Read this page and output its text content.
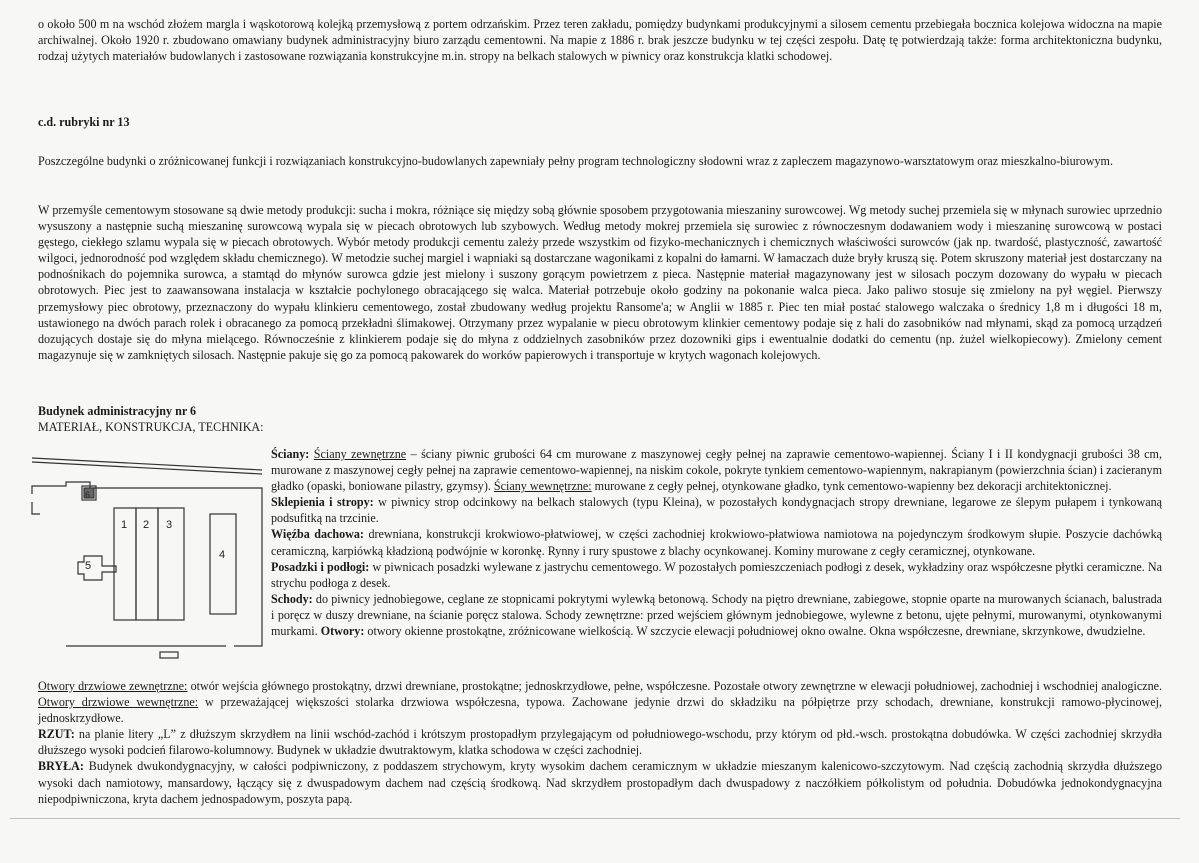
o około 500 m na wschód złożem margla i wąskotorową kolejką przemysłową z portem odrzańskim. Przez teren zakładu, pomiędzy budynkami produkcyjnymi a silosem cementu przebiegała bocznica kolejowa widoczna na mapie archiwalnej. Około 1920 r. zbudowano omawiany budynek administracyjny biuro zarządu cementowni. Na mapie z 1886 r. brak jeszcze budynku w tej części zespołu. Datę tę potwierdzają także: forma architektoniczna budynku, rodzaj użytych materiałów budowlanych i zastosowane rozwiązania konstrukcyjne m.in. stropy na belkach stalowych w piwnicy oraz konstrukcja klatki schodowej.

c.d. rubryki nr 13

Poszczególne budynki o zróżnicowanej funkcji i rozwiązaniach konstrukcyjno-budowlanych zapewniały pełny program technologiczny słodowni wraz z zapleczem magazynowo-warsztatowym oraz mieszkalno-biurowym.

W przemyśle cementowym stosowane są dwie metody produkcji: sucha i mokra, różniące się między sobą głównie sposobem przygotowania mieszaniny surowcowej. Wg metody suchej przemiela się w młynach surowiec uprzednio wysuszony a następnie suchą mieszaninę surowcową wypala się w piecach obrotowych lub szybowych. Według metody mokrej przemiela się surowiec z równoczesnym dodawaniem wody i mieszaninę surowcową w postaci gęstego, ciekłego szlamu wypala się w piecach obrotowych. Wybór metody produkcji cementu zależy przede wszystkim od fizyko-mechanicznych i chemicznych właściwości surowców (jak np. twardość, plastyczność, zawartość wilgoci, jednorodność pod względem składu chemicznego). W metodzie suchej margiel i wapniaki są dostarczane wagonikami z kopalni do łamarni. W łamaczach duże bryły kruszą się. Potem skruszony materiał jest dostarczany na podnośnikach do pojemnika surowca, a stamtąd do młynów surowca gdzie jest mielony i suszony gorącym powietrzem z pieca. Następnie materiał magazynowany jest w silosach poczym dozowany do wypału w piecach obrotowych. Piec jest to zaawansowana instalacja w kształcie pochylonego obracającego się walca. Materiał potrzebuje około godziny na pokonanie walca pieca. Jako paliwo stosuje się zmielony na pył węgiel. Pierwszy przemysłowy piec obrotowy, przeznaczony do wypału klinkieru cementowego, został zbudowany według projektu Ransome'a; w Anglii w 1885 r. Piec ten miał postać stalowego walczaka o średnicy 1,8 m i długości 18 m, ustawionego na dwóch parach rolek i obracanego za pomocą przekładni ślimakowej. Otrzymany przez wypalanie w piecu obrotowym klinkier cementowy podaje się z hali do zasobników nad młynami, skąd za pomocą urządzeń dozujących dostaje się do młyna mielącego. Równocześnie z klinkierem podaje się do młyna z oddzielnych zasobników przez dozowniki gips i ewentualnie dodatki do cementu (np. żużel wielkopiecowy). Zmielony cement magazynuje się w zamkniętych silosach. Następnie pakuje się go za pomocą pakowarek do worków papierowych i transportuje w krytych wagonach kolejowych.

Budynek administracyjny nr 6
MATERIAŁ, KONSTRUKCJA, TECHNIKA:
1 2 3
4
5
6

Ściany: Ściany zewnętrzne – ściany piwnic grubości 64 cm murowane z maszynowej cegły pełnej na zaprawie cementowo-wapiennej. Ściany I i II kondygnacji grubości 38 cm, murowane z maszynowej cegły pełnej na zaprawie cementowo-wapiennej, na niskim cokole, pokryte tynkiem cementowo-wapiennym, nakrapianym (powierzchnia ścian) i zacieranym gładko (opaski, boniowane pilastry, gzymsy). Ściany wewnętrzne: murowane z cegły pełnej, otynkowane gładko, tynk cementowo-wapienny bez dekoracji architektonicznej.

Sklepienia i stropy: w piwnicy strop odcinkowy na belkach stalowych (typu Kleina), w pozostałych kondygnacjach stropy drewniane, legarowe ze ślepym pułapem i tynkowaną podsufitką na trzcinie.

Więźba dachowa: drewniana, konstrukcji krokwiowo-płatwiowej, w części zachodniej krokwiowo-płatwiowa namiotowa na pojedynczym środkowym słupie. Poszycie dachówką ceramiczną, karpiówką kładzioną podwójnie w koronkę. Rynny i rury spustowe z blachy ocynkowanej. Kominy murowane z cegły ceramicznej, otynkowane.

Posadzki i podłogi: w piwnicach posadzki wylewane z jastrychu cementowego. W pozostałych pomieszczeniach podłogi z desek, wykładziny oraz współczesne płytki ceramiczne. Na strychu podłoga z desek.

Schody: do piwnicy jednobiegowe, ceglane ze stopnicami pokrytymi wylewką betonową. Schody na piętro drewniane, zabiegowe, stopnie oparte na murowanych ścianach, balustrada i poręcz w duszy drewniane, na ścianie poręcz stalowa. Schody zewnętrzne: przed wejściem głównym jednobiegowe, wylewne z betonu, ujęte pełnymi, murowanymi, otynkowanymi murkami. Otwory: otwory okienne prostokątne, zróżnicowane wielkością. W szczycie elewacji południowej okno owalne. Okna współczesne, drewniane, skrzynkowe, dwudzielne.

Otwory drzwiowe zewnętrzne: otwór wejścia głównego prostokątny, drzwi drewniane, prostokątne; jednoskrzydłowe, pełne, współczesne. Pozostałe otwory zewnętrzne w elewacji południowej, zachodniej i wschodniej analogiczne. Otwory drzwiowe wewnętrzne: w przeważającej większości stolarka drzwiowa współczesna, typowa. Zachowane jedynie drzwi do składziku na półpiętrze przy schodach, drewniane, konstrukcji ramowo-płycinowej, jednoskrzydłowe.

RZUT: na planie litery „L” z dłuższym skrzydłem na linii wschód-zachód i krótszym prostopadłym przylegającym od południowego-wschodu, przy którym od płd.-wsch. prostokątna dobudówka. W części zachodniej skrzydła dłuższego wysoki podcień filarowo-kolumnowy. Budynek w układzie dwutraktowym, klatka schodowa w części zachodniej.

BRYŁA: Budynek dwukondygnacyjny, w całości podpiwniczony, z poddaszem strychowym, kryty wysokim dachem ceramicznym w układzie mieszanym kalenicowo-szczytowym. Nad częścią zachodnią skrzydła dłuższego wysoki dach namiotowy, mansardowy, łączący się z dwuspadowym dachem nad częścią środkową. Nad skrzydłem prostopadłym dach dwuspadowy z naczółkiem półkolistym od południa. Dobudówka jednokondygnacyjna niepodpiwniczona, kryta dachem jednospadowym, poszyta papą.
